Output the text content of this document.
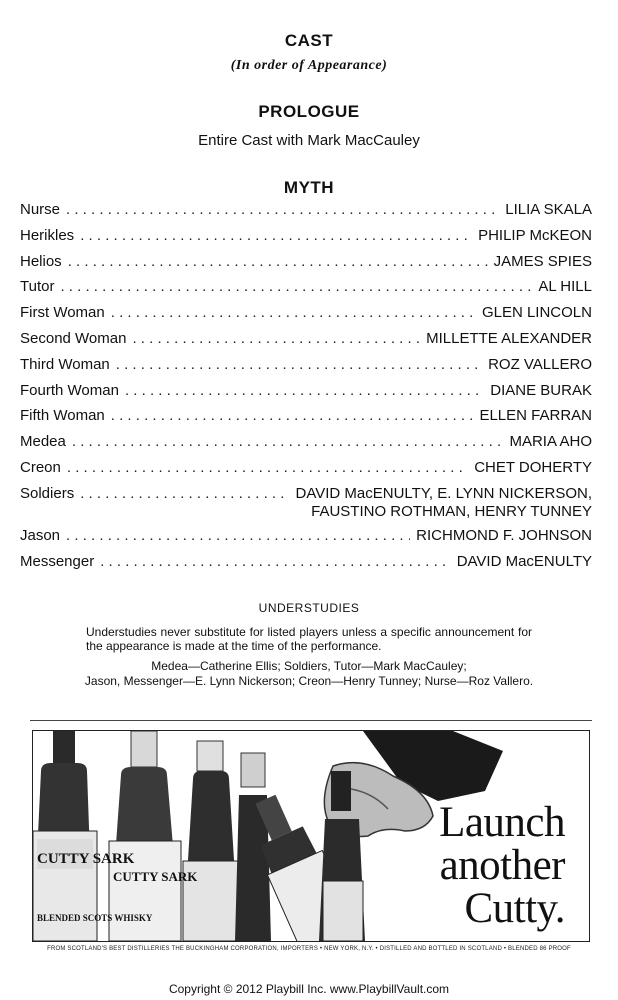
CAST
(In order of Appearance)
PROLOGUE
Entire Cast with Mark MacCauley
MYTH
Nurse . . .	LILIA SKALA
Herikles . . .	PHILIP McKEON
Helios . . .	JAMES SPIES
Tutor . . .	AL HILL
First Woman . . .	GLEN LINCOLN
Second Woman . . .	MILLETTE ALEXANDER
Third Woman . . .	ROZ VALLERO
Fourth Woman . . .	DIANE BURAK
Fifth Woman . . .	ELLEN FARRAN
Medea . . .	MARIA AHO
Creon . . .	CHET DOHERTY
Soldiers . . .	DAVID MacENULTY, E. LYNN NICKERSON,
FAUSTINO ROTHMAN, HENRY TUNNEY
Jason . . .	RICHMOND F. JOHNSON
Messenger . . .	DAVID MacENULTY
UNDERSTUDIES
Understudies never substitute for listed players unless a specific announcement for the appearance is made at the time of the performance.
Medea—Catherine Ellis; Soldiers, Tutor—Mark MacCauley;
Jason, Messenger—E. Lynn Nickerson; Creon—Henry Tunney; Nurse—Roz Vallero.
CUTTY SARK
CUTTY SARK
BLENDED SCOTS WHISKY
Launch
another
Cutty.
FROM SCOTLAND'S BEST DISTILLERIES THE BUCKINGHAM CORPORATION, IMPORTERS • NEW YORK, N.Y. • DISTILLED AND BOTTLED IN SCOTLAND • BLENDED 86 PROOF
Copyright © 2012 Playbill Inc. www.PlaybillVault.com
